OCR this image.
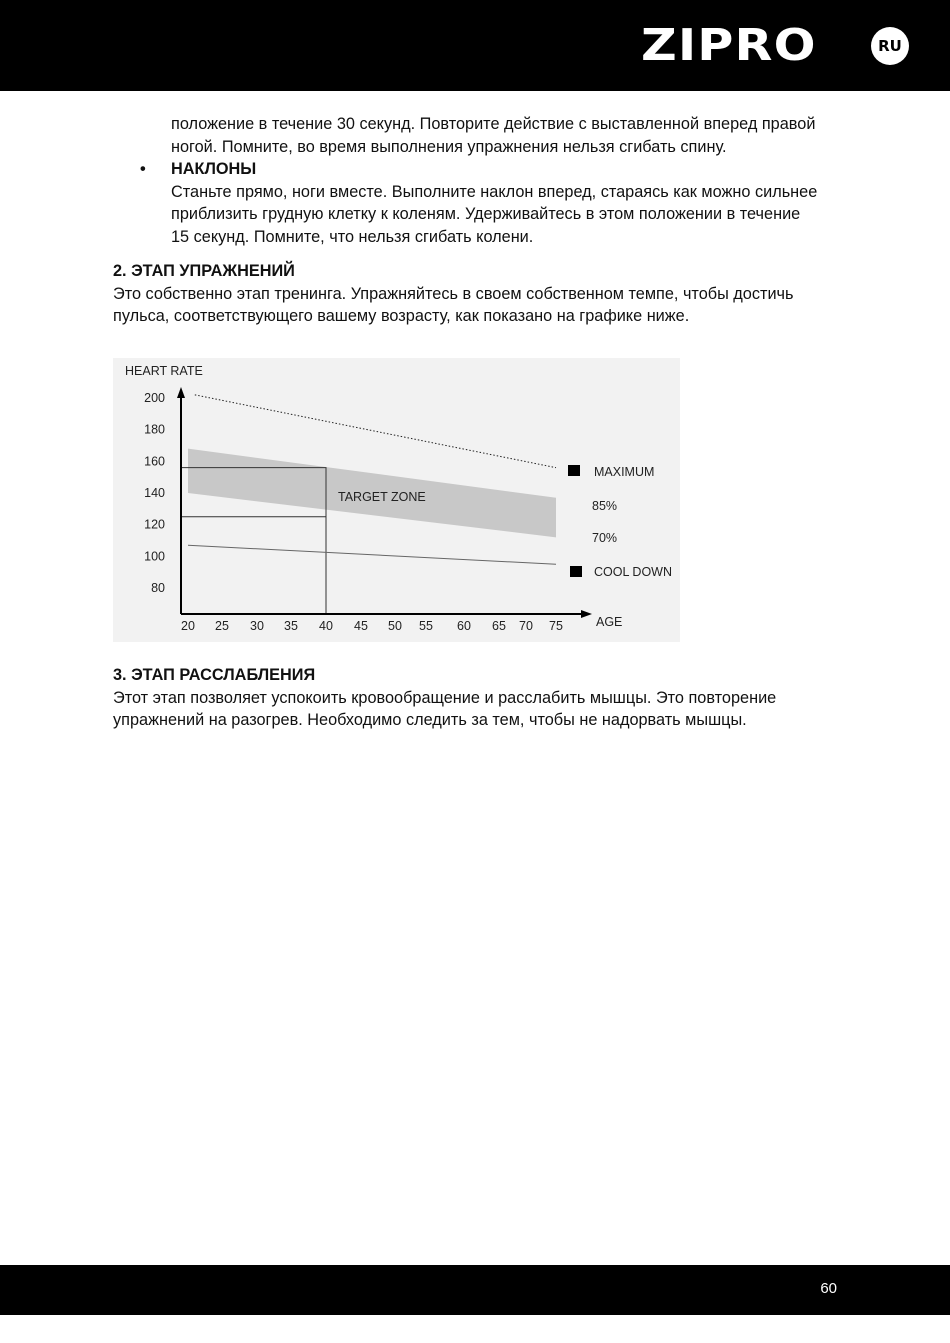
ZIPRO	RU

положение в течение 30 секунд. Повторите действие с выставленной вперед правой

ногой. Помните, во время выполнения упражнения нельзя сгибать спину.

• НАКЛОНЫ

Станьте прямо, ноги вместе. Выполните наклон вперед, стараясь как можно сильнее

приблизить грудную клетку к коленям. Удерживайтесь в этом положении в течение

15 секунд. Помните, что нельзя сгибать колени.

2. ЭТАП УПРАЖНЕНИЙ

Это собственно этап тренинга. Упражняйтесь в своем собственном темпе, чтобы достичь

пульса, соответствующего вашему возрасту, как показано на графике ниже.

HEART RATE
AGE
200
180
160
140
120
100
80
20 25 30 35 40 45 50 55 60 65 70 75
TARGET ZONE
MAXIMUM
85%
70%
COOL DOWN

3. ЭТАП РАССЛАБЛЕНИЯ

Этот этап позволяет успокоить кровообращение и расслабить мышцы. Это повторение

упражнений на разогрев. Необходимо следить за тем, чтобы не надорвать мышцы.

60
